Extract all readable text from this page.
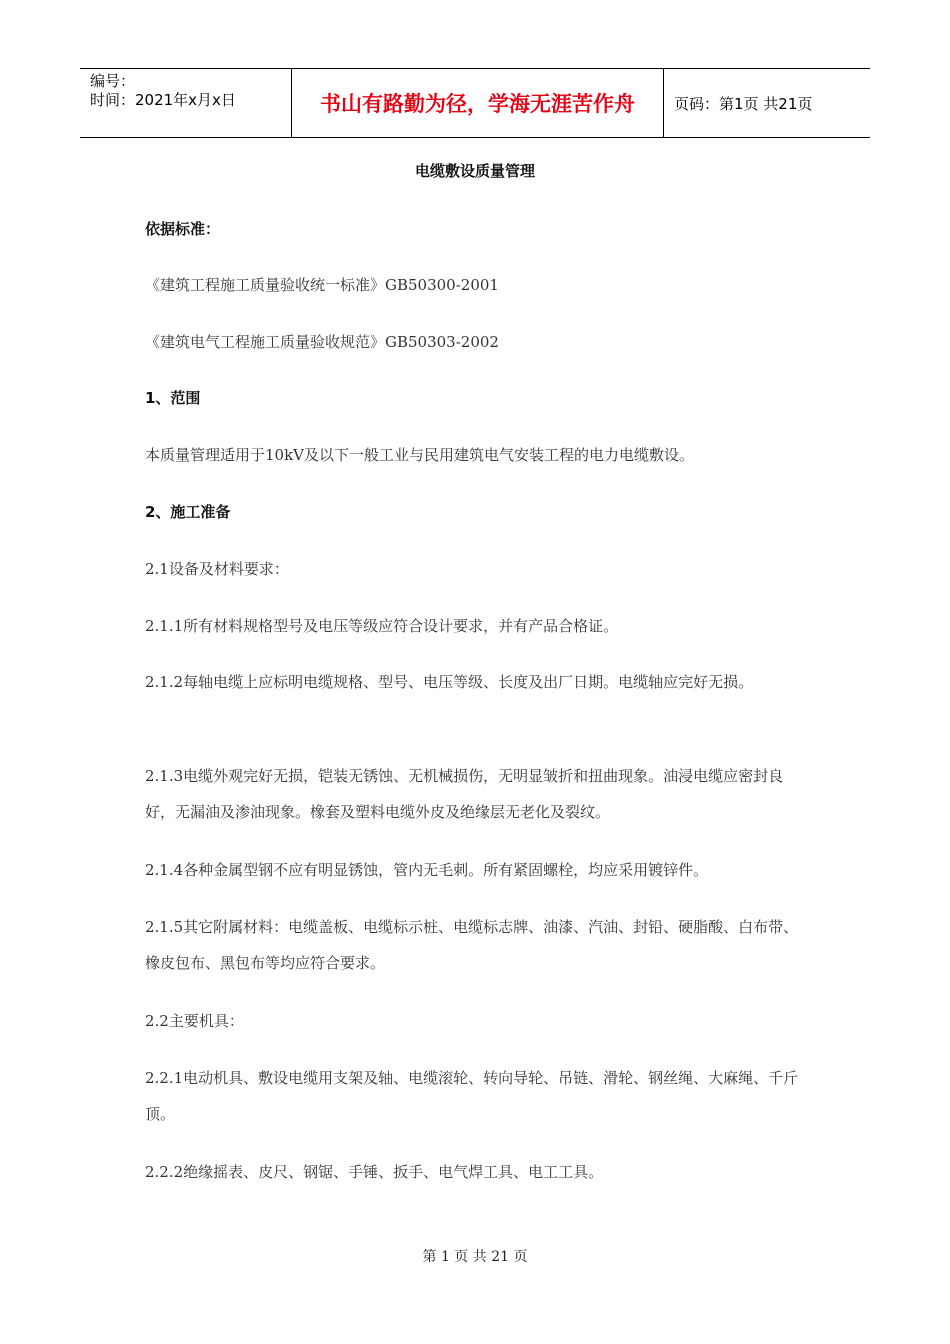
编号：
时间：2021年x月x日	书山有路勤为径，学海无涯苦作舟	页码：第1页 共21页
电缆敷设质量管理
依据标准：
《建筑工程施工质量验收统一标准》GB50300-2001
《建筑电气工程施工质量验收规范》GB50303-2002
1、范围
本质量管理适用于10kV及以下一般工业与民用建筑电气安装工程的电力电缆敷设。
2、施工准备
2.1设备及材料要求：
2.1.1所有材料规格型号及电压等级应符合设计要求，并有产品合格证。
2.1.2每轴电缆上应标明电缆规格、型号、电压等级、长度及出厂日期。电缆轴应完好无损。
2.1.3电缆外观完好无损，铠装无锈蚀、无机械损伤，无明显皱折和扭曲现象。油浸电缆应密封良好，无漏油及渗油现象。橡套及塑料电缆外皮及绝缘层无老化及裂纹。
2.1.4各种金属型钢不应有明显锈蚀，管内无毛刺。所有紧固螺栓，均应采用镀锌件。
2.1.5其它附属材料：电缆盖板、电缆标示桩、电缆标志牌、油漆、汽油、封铅、硬脂酸、白布带、橡皮包布、黑包布等均应符合要求。
2.2主要机具：
2.2.1电动机具、敷设电缆用支架及轴、电缆滚轮、转向导轮、吊链、滑轮、钢丝绳、大麻绳、千斤顶。
2.2.2绝缘摇表、皮尺、钢锯、手锤、扳手、电气焊工具、电工工具。
第 1 页 共 21 页
